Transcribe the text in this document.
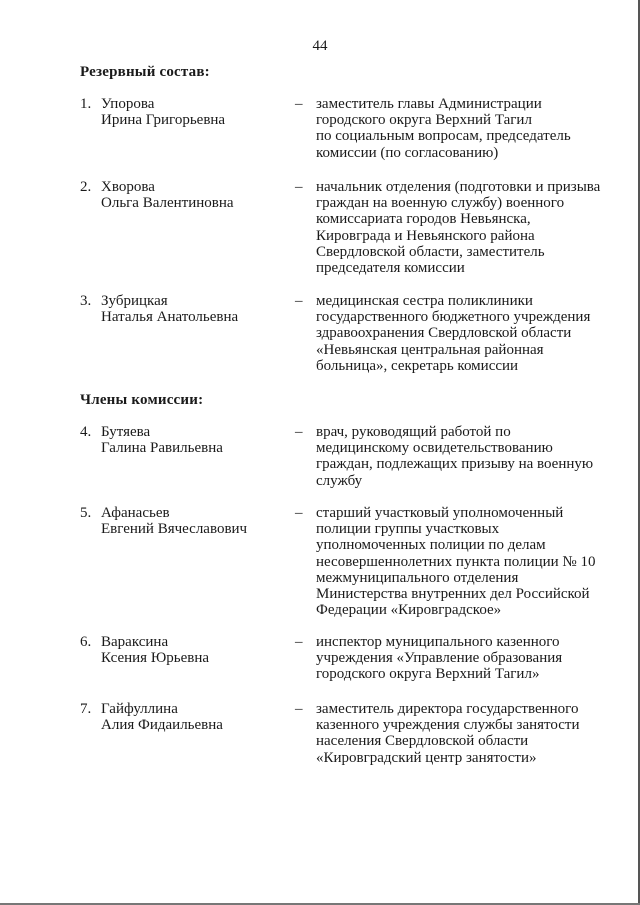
44
Резервный состав:
1. Упорова
Ирина Григорьевна
– заместитель главы Администрации
городского округа Верхний Тагил
по социальным вопросам, председатель
комиссии (по согласованию)
2. Хворова
Ольга Валентиновна
– начальник отделения (подготовки и призыва
граждан на военную службу) военного
комиссариата городов Невьянска,
Кировграда и Невьянского района
Свердловской области, заместитель
председателя комиссии
3. Зубрицкая
Наталья Анатольевна
– медицинская сестра поликлиники
государственного бюджетного учреждения
здравоохранения Свердловской области
«Невьянская центральная районная
больница», секретарь комиссии
Члены комиссии:
4. Бутяева
Галина Равильевна
– врач, руководящий работой по
медицинскому освидетельствованию
граждан, подлежащих призыву на военную
службу
5. Афанасьев
Евгений Вячеславович
– старший участковый уполномоченный
полиции группы участковых
уполномоченных полиции по делам
несовершеннолетних пункта полиции № 10
межмуниципального отделения
Министерства внутренних дел Российской
Федерации «Кировградское»
6. Вараксина
Ксения Юрьевна
– инспектор муниципального казенного
учреждения «Управление образования
городского округа Верхний Тагил»
7. Гайфуллина
Алия Фидаильевна
– заместитель директора государственного
казенного учреждения службы занятости
населения Свердловской области
«Кировградский центр занятости»
